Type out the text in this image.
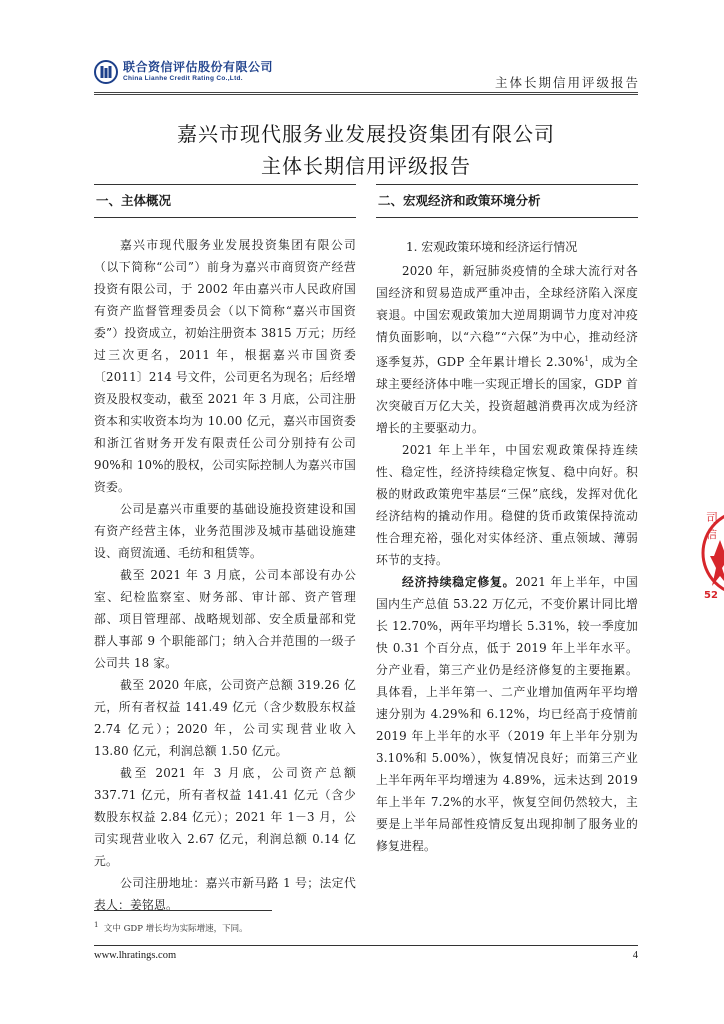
联合资信评估股份有限公司
China Lianhe Credit Rating Co.,Ltd.	主体长期信用评级报告
嘉兴市现代服务业发展投资集团有限公司
主体长期信用评级报告
一、主体概况

嘉兴市现代服务业发展投资集团有限公司（以下简称“公司”）前身为嘉兴市商贸资产经营投资有限公司，于 2002 年由嘉兴市人民政府国有资产监督管理委员会（以下简称“嘉兴市国资委”）投资成立，初始注册资本 3815 万元；历经过三次更名，2011 年，根据嘉兴市国资委〔2011〕214 号文件，公司更名为现名；后经增资及股权变动，截至 2021 年 3 月底，公司注册资本和实收资本均为 10.00 亿元，嘉兴市国资委和浙江省财务开发有限责任公司分别持有公司 90%和 10%的股权，公司实际控制人为嘉兴市国资委。

公司是嘉兴市重要的基础设施投资建设和国有资产经营主体，业务范围涉及城市基础设施建设、商贸流通、毛纺和租赁等。

截至 2021 年 3 月底，公司本部设有办公室、纪检监察室、财务部、审计部、资产管理部、项目管理部、战略规划部、安全质量部和党群人事部 9 个职能部门；纳入合并范围的一级子公司共 18 家。

截至 2020 年底，公司资产总额 319.26 亿元，所有者权益 141.49 亿元（含少数股东权益 2.74 亿元）；2020 年，公司实现营业收入 13.80 亿元，利润总额 1.50 亿元。

截至 2021 年 3 月底，公司资产总额 337.71 亿元，所有者权益 141.41 亿元（含少数股东权益 2.84 亿元）；2021 年 1－3 月，公司实现营业收入 2.67 亿元，利润总额 0.14 亿元。

公司注册地址：嘉兴市新马路 1 号；法定代表人：姜铭恩。

二、宏观经济和政策环境分析
1. 宏观政策环境和经济运行情况

2020 年，新冠肺炎疫情的全球大流行对各国经济和贸易造成严重冲击，全球经济陷入深度衰退。中国宏观政策加大逆周期调节力度对冲疫情负面影响，以“六稳”“六保”为中心，推动经济逐季复苏，GDP 全年累计增长 2.30%$^1$，成为全球主要经济体中唯一实现正增长的国家，GDP 首次突破百万亿大关，投资超越消费再次成为经济增长的主要驱动力。

2021 年上半年，中国宏观政策保持连续性、稳定性，经济持续稳定恢复、稳中向好。积极的财政政策兜牢基层“三保”底线，发挥对优化经济结构的撬动作用。稳健的货币政策保持流动性合理充裕，强化对实体经济、重点领域、薄弱环节的支持。

经济持续稳定修复。2021 年上半年，中国国内生产总值 53.22 万亿元，不变价累计同比增长 12.70%，两年平均增长 5.31%，较一季度加快 0.31 个百分点，低于 2019 年上半年水平。分产业看，第三产业仍是经济修复的主要拖累。具体看，上半年第一、二产业增加值两年平均增速分别为 4.29%和 6.12%，均已经高于疫情前 2019 年上半年的水平（2019 年上半年分别为 3.10%和 5.00%），恢复情况良好；而第三产业上半年两年平均增速为 4.89%，远未达到 2019 年上半年 7.2%的水平，恢复空间仍然较大，主要是上半年局部性疫情反复出现抑制了服务业的修复进程。

司
信
52
$^1$ 文中 GDP 增长均为实际增速，下同。
www.lhratings.com	4
